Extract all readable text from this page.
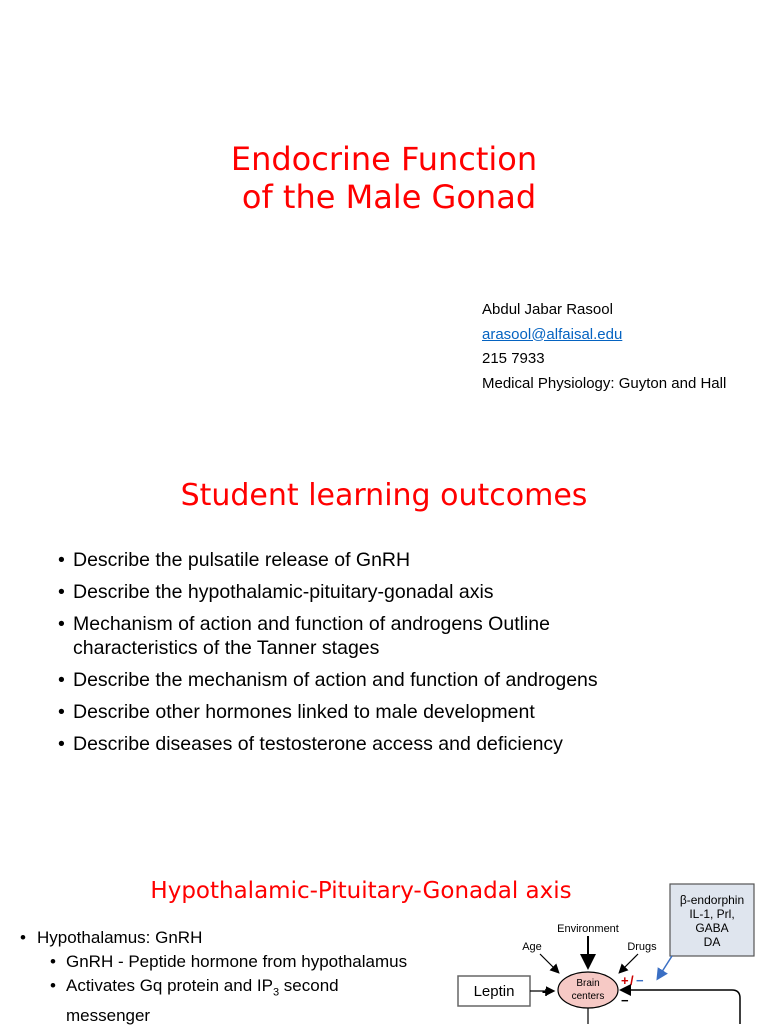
Endocrine Function
of the Male Gonad
Abdul Jabar Rasool
arasool@alfaisal.edu
215 7933
Medical Physiology: Guyton and Hall
Student learning outcomes
• Describe the pulsatile release of GnRH
• Describe the hypothalamic-pituitary-gonadal axis
• Mechanism of action and function of androgens Outline characteristics of the Tanner stages
• Describe the mechanism of action and function of androgens
• Describe other hormones linked to male development
• Describe diseases of testosterone access and deficiency
Hypothalamic-Pituitary-Gonadal axis
• Hypothalamus: GnRH
• GnRH - Peptide hormone from hypothalamus
• Activates Gq protein and $IP_3$ second
messenger
β-endorphin
IL-1, Prl,
GABA
DA
Environment
Age	Drugs
Leptin +
Brain
centers
+ / −
−
